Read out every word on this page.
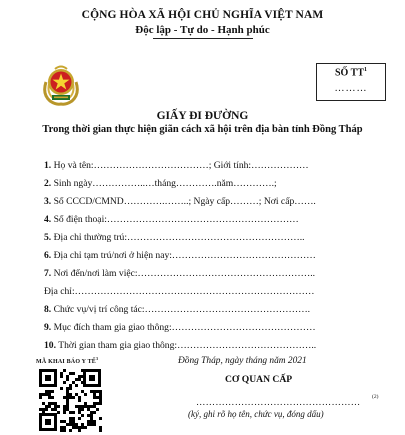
CỘNG HÒA XÃ HỘI CHỦ NGHĨA VIỆT NAM
Độc lập - Tự do - Hạnh phúc
SỐ $TT^1$
………
GIẤY ĐI ĐƯỜNG
Trong thời gian thực hiện giãn cách xã hội trên địa bàn tỉnh Đồng Tháp
1. Họ và tên:………………………………; Giới tính:………………
2. Sinh ngày……………..…tháng………….năm………….;
3. Số CCCD/CMND………….……..; Ngày cấp………; Nơi cấp…….
4. Số điện thoại:……………………………………………………
5. Địa chỉ thường trú:………………………………………………..
6. Địa chỉ tạm trú/nơi ở hiện nay:………………………………………
7. Nơi đến/nơi làm việc:………………………………………………..
Địa chỉ:…………………………………………………………………
8. Chức vụ/vị trí công tác:…………………………………………….
9. Mục đích tham gia giao thông:………………………………………
10. Thời gian tham gia giao thông:……………………………………..
MÃ KHAI BÁO Y TẾ$^3$	Đồng Tháp, ngày tháng năm 2021
CƠ QUAN CẤP
……………………………………………
(2)
(ký, ghi rõ họ tên, chức vụ, đóng dấu)
